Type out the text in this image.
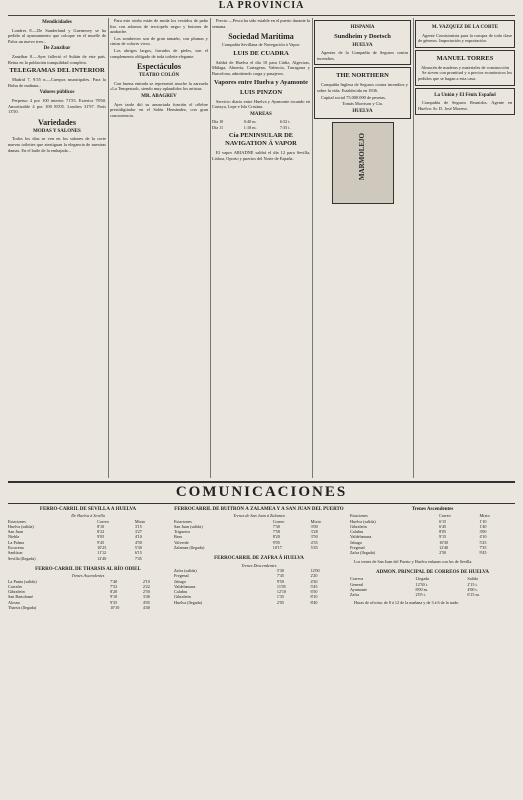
LA PROVINCIA
Mendicidades

Londres 8.—De Sunderland y Guernesey se ha pedido al ayuntamiento que coloque en el muelle de Palos un nuevo tren...

De Zanzíbar

Zanzíbar 8.—Ayer falleció el Sultán de este país. Reina en la población tranquilidad completa.

TELEGRAMAS DEL INTERIOR

Madrid 7, 9:55 n.—Cuerpos municipales. Para la Bolsa de mañana...

Valores públicos

Perpetuo 4 por 100 interior 71'55. Exterior 78'60. Amortizable 4 por 100 83'05. Londres 31'97. París 13'50.

Variedades
MODAS Y SALONES

Todos los días se ven en los salones de la corte nuevas toilettes que atestiguan la elegancia de nuestras damas. En el baile de la embajada...

Para este otoño están de moda los vestidos de paño liso con adornos de terciopelo negro y botones de azabache.

Los sombreros son de gran tamaño, con plumas y cintas de colores vivos.

Los abrigos largos, forrados de pieles, son el complemento obligado de toda toilette elegante.

Espectáculos
TEATRO COLÓN

Con buena entrada se representó anoche la zarzuela «La Tempestad», siendo muy aplaudidos los artistas.

MR. ABAGREV

Ayer tarde dió su anunciada función el célebre prestidigitador en el Salón Hernández, con gran concurrencia.

Precio.—Pesca ha sido estable en el puerto durante la semana.

Sociedad Marítima
Compañía Sevillana de Navegación á Vapor.
LUIS DE CUADRA

Saldrá de Huelva el día 10 para Cádiz, Algeciras, Málaga, Almería, Cartagena, Valencia, Tarragona y Barcelona, admitiendo carga y pasajeros.

Vapores entre Huelva y Ayamonte
LUIS PINZON

Servicio diario entre Huelva y Ayamonte tocando en Cartaya, Lepe e Isla Cristina.

MAREAS
Día 10	0:40 m.	6:52 t.
Día 11	1:18 m.	7:35 t.
Cía PENINSULAR DE NAVIGATION Á VAPOR

El vapor ARIADNE saldrá el día 12 para Sevilla, Lisboa, Oporto y puertos del Norte de España.

HISPANIA
Sundheim y Doetsch
HUELVA

Agentes de la Compañía de Seguros contra incendios.

THE NORTHERN

Compañía Inglesa de Seguros contra incendios y sobre la vida. Establecida en 1836.

Capital social 75.000.000 de pesetas.

Tomás Morrison y Cía.
HUELVA
MARMOLEJO
M. VAZQUEZ DE LA CORTE

Agente Comisionista para la compra de toda clase de géneros. Importación y exportación.

MANUEL TORRES
Almacén de maderas y materiales de construcción

Se sirven con prontitud y a precios económicos los pedidos que se hagan a esta casa.

La Unión y El Fénix Español

Compañía de Seguros Reunidos. Agente en Huelva: Sr. D. José Moreno.

COMUNICACIONES
FERRO-CARRIL DE SEVILLA Á HUELVA
De Huelva á Sevilla
Estaciones	Correo	Mixto
Huelva (salida)	8'10	3'15
San Juan	8'22	3'27
Niebla	9'05	4'10
La Palma	9'45	4'50
Escacena	10'25	5'30
Sanlúcar	11'12	6'15
Sevilla (llegada)	12'40	7'45
FERRO-CARRIL DE THARSIS AL RÍO ODIEL
Trenes Ascendentes
La Punta (salida)	7'40	2'10
Corrales	7'52	2'22
Gibraleón	8'20	2'50
San Bartolomé	9'10	3'40
Alosno	9'35	4'05
Tharsis (llegada)	10'10	4'40
FERROCARRIL DE BUITRÓN Á ZALAMEA Y Á SAN JUAN DEL PUERTO
Trenes de San Juan á Zalamea
Estaciones	Correo	Mixto
San Juan (salida)	7'30	3'00
Trigueros	7'58	3'28
Beas	8'20	3'50
Valverde	9'05	4'35
Zalamea (llegada)	10'17	5'45
FERROCARRIL DE ZAFRA Á HUELVA
Trenes Descendentes
Zafra (salida)	5'30	12'00
Fregenal	7'45	2'20
Jabugo	9'50	4'30
Valdelamusa	11'05	5'45
Calañas	12'10	6'50
Gibraleón	1'35	8'10
Huelva (llegada)	2'05	8'40
Trenes Ascendentes
Estaciones	Correo	Mixto
Huelva (salida)	6'15	1'10
Gibraleón	6'45	1'40
Calañas	8'05	3'00
Valdelamusa	9'15	4'10
Jabugo	10'30	5'25
Fregenal	12'40	7'35
Zafra (llegada)	2'50	9'45

Los trenes de San Juan del Puerto y Huelva enlazan con los de Sevilla.

ADMON. PRINCIPAL DE CORREOS DE HUELVA
Correos	Llegada	Salida
General	12'30 t.	2'15 t.
Ayamonte	8'00 m.	4'00 t.
Zafra	2'05 t.	6'15 m.

Horas de oficina: de 8 á 12 de la mañana y de 3 á 6 de la tarde.
